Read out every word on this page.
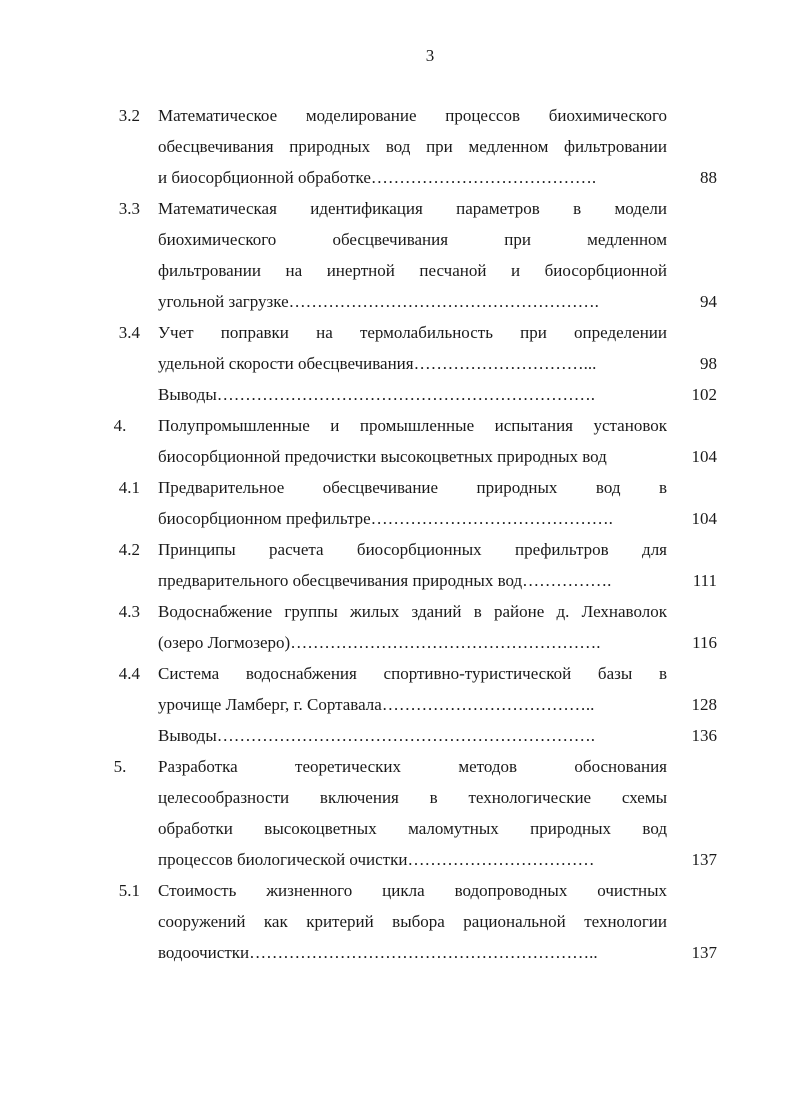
3
3.2 Математическое моделирование процессов биохимического
обесцвечивания природных вод при медленном фильтровании
и биосорбционной обработке………………………………….	88
3.3 Математическая идентификация параметров в модели
биохимического обесцвечивания при медленном
фильтровании на инертной песчаной и биосорбционной
угольной загрузке……………………………………………….	94
3.4 Учет поправки на термолабильность при определении
удельной скорости обесцвечивания…………………………...	98
Выводы………………………………………………………….	102
4.	Полупромышленные и промышленные испытания установок
биосорбционной предочистки высокоцветных природных вод	104
4.1 Предварительное обесцвечивание природных вод в
биосорбционном префильтре…………………………………….	104
4.2 Принципы расчета биосорбционных префильтров для
предварительного обесцвечивания природных вод…………….	111
4.3 Водоснабжение группы жилых зданий в районе д. Лехнаволок
(озеро Логмозеро)……………………………………………….	116
4.4 Система водоснабжения спортивно-туристической базы в
урочище Ламберг, г. Сортавала………………………………..	128
Выводы………………………………………………………….	136
5.	Разработка теоретических методов обоснования
целесообразности включения в технологические схемы
обработки высокоцветных маломутных природных вод
процессов биологической очистки……………………………	137
5.1 Стоимость жизненного цикла водопроводных очистных
сооружений как критерий выбора рациональной технологии
водоочистки……………………………………………………..	137
